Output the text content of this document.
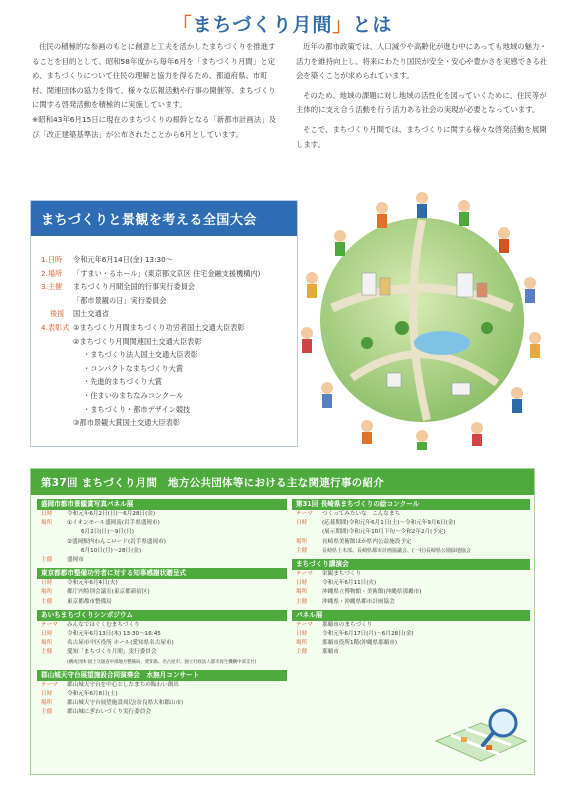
「まちづくり月間」とは

住民の積極的な参画のもとに創意と工夫を活かしたまちづくりを推進することを目的として、昭和58年度から毎年6月を「まちづくり月間」と定め、まちづくりについて住民の理解と協力を得るため、都道府県、市町村、関連団体の協力を得て、様々な広報活動や行事の開催等、まちづくりに関する啓発活動を積極的に実施しています。

※昭和43年6月15日に現在のまちづくりの根幹となる「新都市計画法」及び「改正建築基準法」が公布されたことから6月としています。

近年の都市政策では、人口減少や高齢化が進む中にあっても地域の魅力・活力を維持向上し、将来にわたり国民が安全・安心や豊かさを実感できる社会を築くことが求められています。

そのため、地域の課題に対し地域の活性化を図っていくために、住民等が主体的に支え合う活動を行う活力ある社会の実現が必要となっています。

そこで、まちづくり月間では、まちづくりに関する様々な啓発活動を展開します。

まちづくりと景観を考える全国大会
1.日時	令和元年6月14日(金) 13:30～
2.場所	「すまい・るホール」(東京都文京区 住宅金融支援機構内)
3.主催	まちづくり月間全国的行事実行委員会
「都市景観の日」実行委員会
後援	国土交通省
4.表彰式 ①まちづくり月間まちづくり功労者国土交通大臣表彰
②まちづくり月間関連国土交通大臣表彰
・まちづくり法人国土交通大臣表彰
・コンパクトなまちづくり大賞
・先進的まちづくり大賞
・住まいのまちなみコンクール
・まちづくり・都市デザイン競技
③都市景観大賞国土交通大臣表彰
第37回 まちづくり月間　地方公共団体等における主な関連行事の紹介
盛岡市都市景観賞写真パネル展
日時	令和元年6月2日(日)～6月28日(金)
場所	①イオンモール盛岡南(岩手県盛岡市)
6月2日(日)～9日(日)
②盛岡駅内わんこロード(岩手県盛岡市)
6月10日(月)～28日(金)
主催	盛岡市
東京都都市整備功労者に対する知事感謝状贈呈式
日時	令和元年6月4日(火)
場所	都庁内特別会議室(東京都新宿区)
主催	東京都都市整備局
あいちまちづくりシンポジウム
テーマ	みんなではぐくむまちづくり
日時	令和元年6月13日(木) 13:30～16:45
場所	名古屋市中区役所 ホール(愛知県名古屋市)
主催	愛知「まちづくり月間」実行委員会
(構成団体:国土交通省中部地方整備局、愛知県、名古屋市、独立行政法人都市再生機構中部支社)
郡山城天守台展望施設合同演奏会　水無月コンサート
テーマ	郡山城天守台を中心としたまちの賑わい創出
日時	令和元年6月8日(土)
場所	郡山城天守台展望施設周辺(奈良県大和郡山市)
主催	郡山城にぎわいづくり実行委員会
第31回 長崎県まちづくりの絵コンクール
テーマ	つくってみたいな　こんなまち
日時	(応募期間)令和元年6月1日(土)～令和元年9月6日(金)
(展示期間)令和元年10月下旬～令和2年2月(予定)
場所	長崎県美術館ほか県内公益施設予定
主催	長崎県土木部、長崎県都市計画協議会、(一社)長崎県公園緑地協会
まちづくり講演会
テーマ	栄観まちづくり
日時	令和元年6月11日(火)
場所	沖縄県立博物館・美術館(沖縄県那覇市)
主催	沖縄県・沖縄県都市計画協会
パネル展
テーマ	那覇市のまちづくり
日時	令和元年6月17日(月)～6月28日(金)
場所	那覇市役所1階(沖縄県那覇市)
主催	那覇市
